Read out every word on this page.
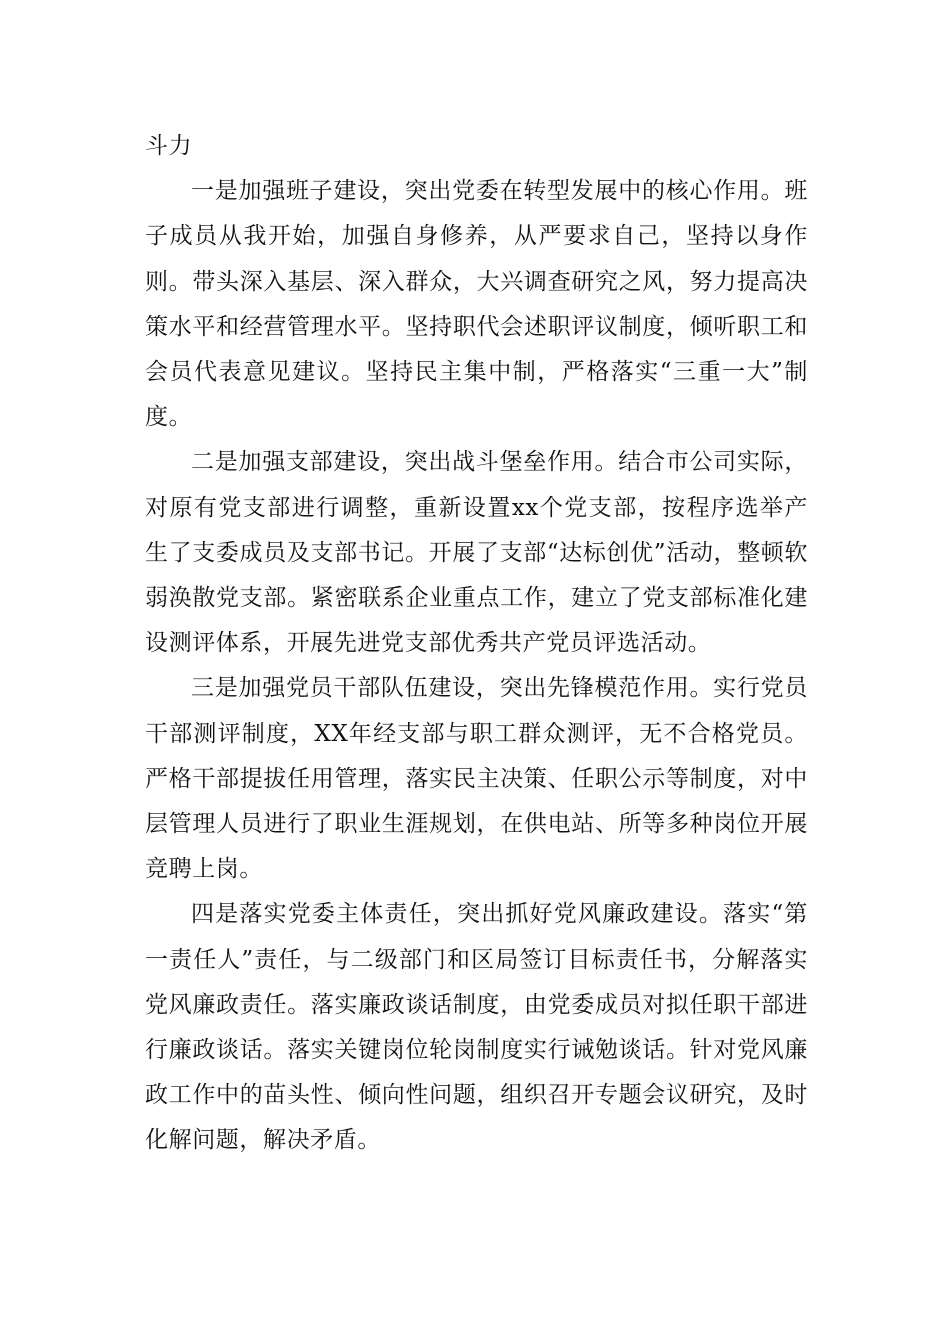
斗力

一是加强班子建设，突出党委在转型发展中的核心作用。班子成员从我开始，加强自身修养，从严要求自己，坚持以身作则。带头深入基层、深入群众，大兴调查研究之风，努力提高决策水平和经营管理水平。坚持职代会述职评议制度，倾听职工和会员代表意见建议。坚持民主集中制，严格落实“三重一大”制度。

二是加强支部建设，突出战斗堡垒作用。结合市公司实际，对原有党支部进行调整，重新设置xx个党支部，按程序选举产生了支委成员及支部书记。开展了支部“达标创优”活动，整顿软弱涣散党支部。紧密联系企业重点工作，建立了党支部标准化建设测评体系，开展先进党支部优秀共产党员评选活动。

三是加强党员干部队伍建设，突出先锋模范作用。实行党员干部测评制度，XX年经支部与职工群众测评，无不合格党员。严格干部提拔任用管理，落实民主决策、任职公示等制度，对中层管理人员进行了职业生涯规划，在供电站、所等多种岗位开展竞聘上岗。

四是落实党委主体责任，突出抓好党风廉政建设。落实“第一责任人”责任，与二级部门和区局签订目标责任书，分解落实党风廉政责任。落实廉政谈话制度，由党委成员对拟任职干部进行廉政谈话。落实关键岗位轮岗制度实行诫勉谈话。针对党风廉政工作中的苗头性、倾向性问题，组织召开专题会议研究，及时化解问题，解决矛盾。
